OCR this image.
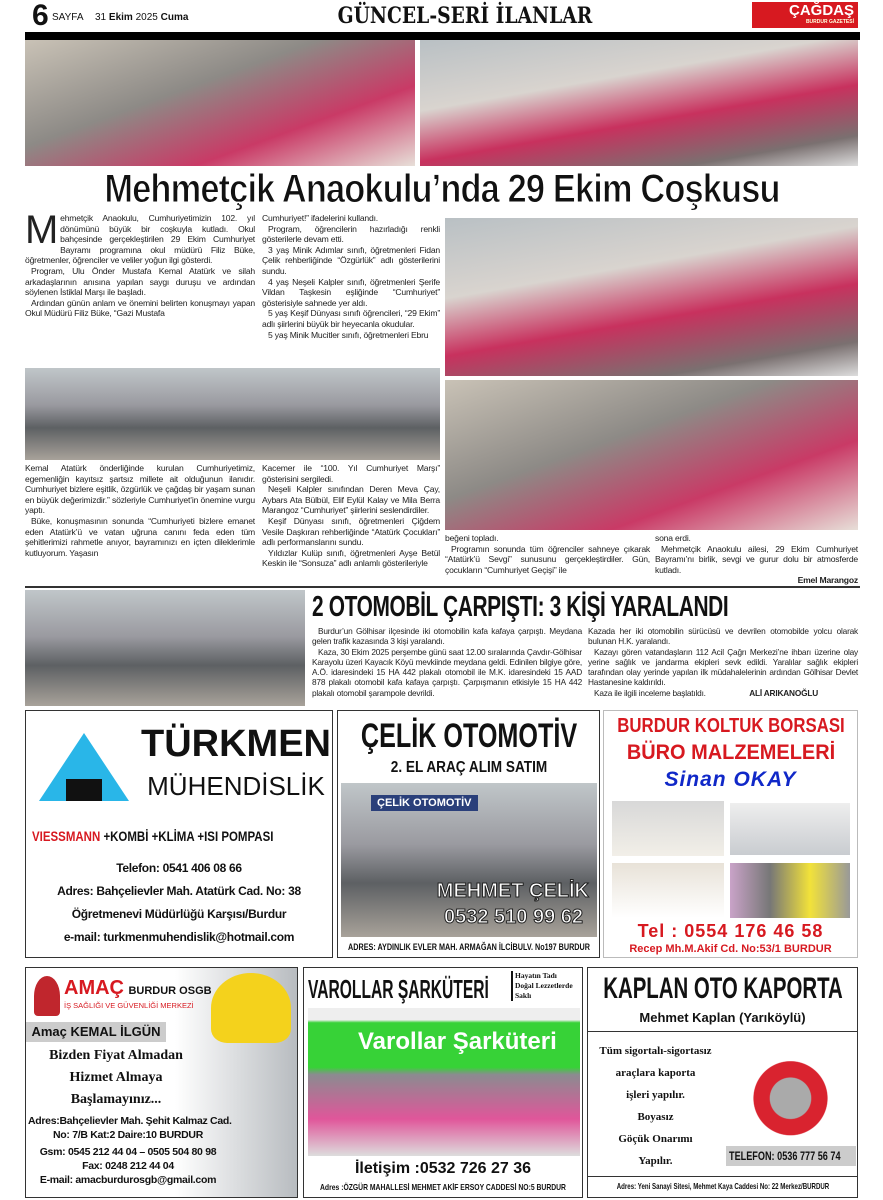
6 SAYFA 31 Ekim 2025 Cuma	GÜNCEL-SERİ İLANLAR	ÇAĞDAŞ
BURDUR GAZETESİ
Mehmetçik Anaokulu’nda 29 Ekim Coşkusu
M ehmetçik Anaokulu, Cumhuriyetimizin 102. yıl dönümünü büyük bir coşkuyla kutladı. Okul bahçesinde gerçekleştirilen 29 Ekim Cumhuriyet Bayramı programına okul müdürü Filiz Büke, öğretmenler, öğrenciler ve veliler yoğun ilgi gösterdi.

Program, Ulu Önder Mustafa Kemal Atatürk ve silah arkadaşlarının anısına yapılan saygı duruşu ve ardından söylenen İstiklal Marşı ile başladı.

Ardından günün anlam ve önemini belirten konuşmayı yapan Okul Müdürü Filiz Büke, “Gazi Mustafa

Cumhuriyet!” ifadelerini kullandı.

Program, öğrencilerin hazırladığı renkli gösterilerle devam etti.

3 yaş Minik Adımlar sınıfı, öğretmenleri Fidan Çelik rehberliğinde “Özgürlük” adlı gösterilerini sundu.

4 yaş Neşeli Kalpler sınıfı, öğretmenleri Şerife Vildan Taşkesin eşliğinde “Cumhuriyet” gösterisiyle sahnede yer aldı.

5 yaş Keşif Dünyası sınıfı öğrencileri, “29 Ekim” adlı şiirlerini büyük bir heyecanla okudular.

5 yaş Minik Mucitler sınıfı, öğretmenleri Ebru

Kemal Atatürk önderliğinde kurulan Cumhuriyetimiz, egemenliğin kayıtsız şartsız millete ait olduğunun ilanıdır. Cumhuriyet bizlere eşitlik, özgürlük ve çağdaş bir yaşam sunan en büyük değerimizdir.” sözleriyle Cumhuriyet’in önemine vurgu yaptı.

Büke, konuşmasının sonunda “Cumhuriyeti bizlere emanet eden Atatürk’ü ve vatan uğruna canını feda eden tüm şehitlerimizi rahmetle anıyor, bayramınızı en içten dileklerimle kutluyorum. Yaşasın

Kacemer ile “100. Yıl Cumhuriyet Marşı” gösterisini sergiledi.

Neşeli Kalpler sınıfından Deren Meva Çay, Aybars Ata Bülbül, Elif Eylül Kalay ve Mila Berra Marangoz “Cumhuriyet” şiirlerini seslendirdiler.

Keşif Dünyası sınıfı, öğretmenleri Çiğdem Vesile Daşkıran rehberliğinde “Atatürk Çocukları” adlı performanslarını sundu.

Yıldızlar Kulüp sınıfı, öğretmenleri Ayşe Betül Keskin ile “Sonsuza” adlı anlamlı gösterileriyle

beğeni topladı.

Programın sonunda tüm öğrenciler sahneye çıkarak “Atatürk’ü Sevgi” sunusunu gerçekleştirdiler. Gün, çocukların “Cumhuriyet Geçişi” ile

sona erdi.

Mehmetçik Anaokulu ailesi, 29 Ekim Cumhuriyet Bayramı’nı birlik, sevgi ve gurur dolu bir atmosferde kutladı.

Emel Marangoz
2 OTOMOBİL ÇARPIŞTI: 3 KİŞİ YARALANDI

Burdur’un Gölhisar ilçesinde iki otomobilin kafa kafaya çarpıştı. Meydana gelen trafik kazasında 3 kişi yaralandı.

Kaza, 30 Ekim 2025 perşembe günü saat 12.00 sıralarında Çavdır-Gölhisar Karayolu üzeri Kayacık Köyü mevkiinde meydana geldi. Edinilen bilgiye göre, A.Ö. idaresindeki 15 HA 442 plakalı otomobil ile M.K. idaresindeki 15 AAD 878 plakalı otomobil kafa kafaya çarpıştı. Çarpışmanın etkisiyle 15 HA 442 plakalı otomobil şarampole devrildi.

Kazada her iki otomobilin sürücüsü ve devrilen otomobilde yolcu olarak bulunan H.K. yaralandı.

Kazayı gören vatandaşların 112 Acil Çağrı Merkezi’ne ihbarı üzerine olay yerine sağlık ve jandarma ekipleri sevk edildi. Yaralılar sağlık ekipleri tarafından olay yerinde yapılan ilk müdahalelerinin ardından Gölhisar Devlet Hastanesine kaldırıldı.

Kaza ile ilgili inceleme başlatıldı.	ALİ ARIKANOĞLU
TÜRKMEN
MÜHENDİSLİK
VIESSMANN +KOMBİ +KLİMA +ISI POMPASI
Telefon: 0541 406 08 66
Adres: Bahçelievler Mah. Atatürk Cad. No: 38
Öğretmenevi Müdürlüğü Karşısı/Burdur
e-mail: turkmenmuhendislik@hotmail.com
ÇELİK OTOMOTİV
2. EL ARAÇ ALIM SATIM
ÇELİK OTOMOTİV
MEHMET ÇELİK
0532 510 99 62
ADRES: AYDINLIK EVLER MAH. ARMAĞAN İLCİBULV. No197 BURDUR
BURDUR KOLTUK BORSASI
BÜRO MALZEMELERİ
Sinan OKAY
Tel : 0554 176 46 58
Recep Mh.M.Akif Cd. No:53/1 BURDUR
AMAÇ BURDUR OSGB
İŞ SAĞLIĞI VE GÜVENLİĞİ MERKEZİ
Amaç KEMAL İLGÜN
Bizden Fiyat Almadan
Hizmet Almaya
Başlamayınız...
Adres:Bahçelievler Mah. Şehit Kalmaz Cad.
No: 7/B Kat:2 Daire:10 BURDUR
Gsm: 0545 212 44 04 – 0505 504 80 98
Fax: 0248 212 44 04
E-mail: amacburdurosgb@gmail.com
VAROLLAR ŞARKÜTERİ	Hayatın Tadı
Doğal Lezzetlerde
Saklı
Varollar Şarküteri
İletişim :0532 726 27 36
Adres :ÖZGÜR MAHALLESİ MEHMET AKİF ERSOY CADDESİ NO:5 BURDUR
KAPLAN OTO KAPORTA
Mehmet Kaplan (Yarıköylü)
Tüm sigortalı-sigortasız
araçlara kaporta
işleri yapılır.
Boyasız
Göçük Onarımı
Yapılır.	TELEFON: 0536 777 56 74
Adres: Yeni Sanayi Sitesi, Mehmet Kaya Caddesi No: 22 Merkez/BURDUR
